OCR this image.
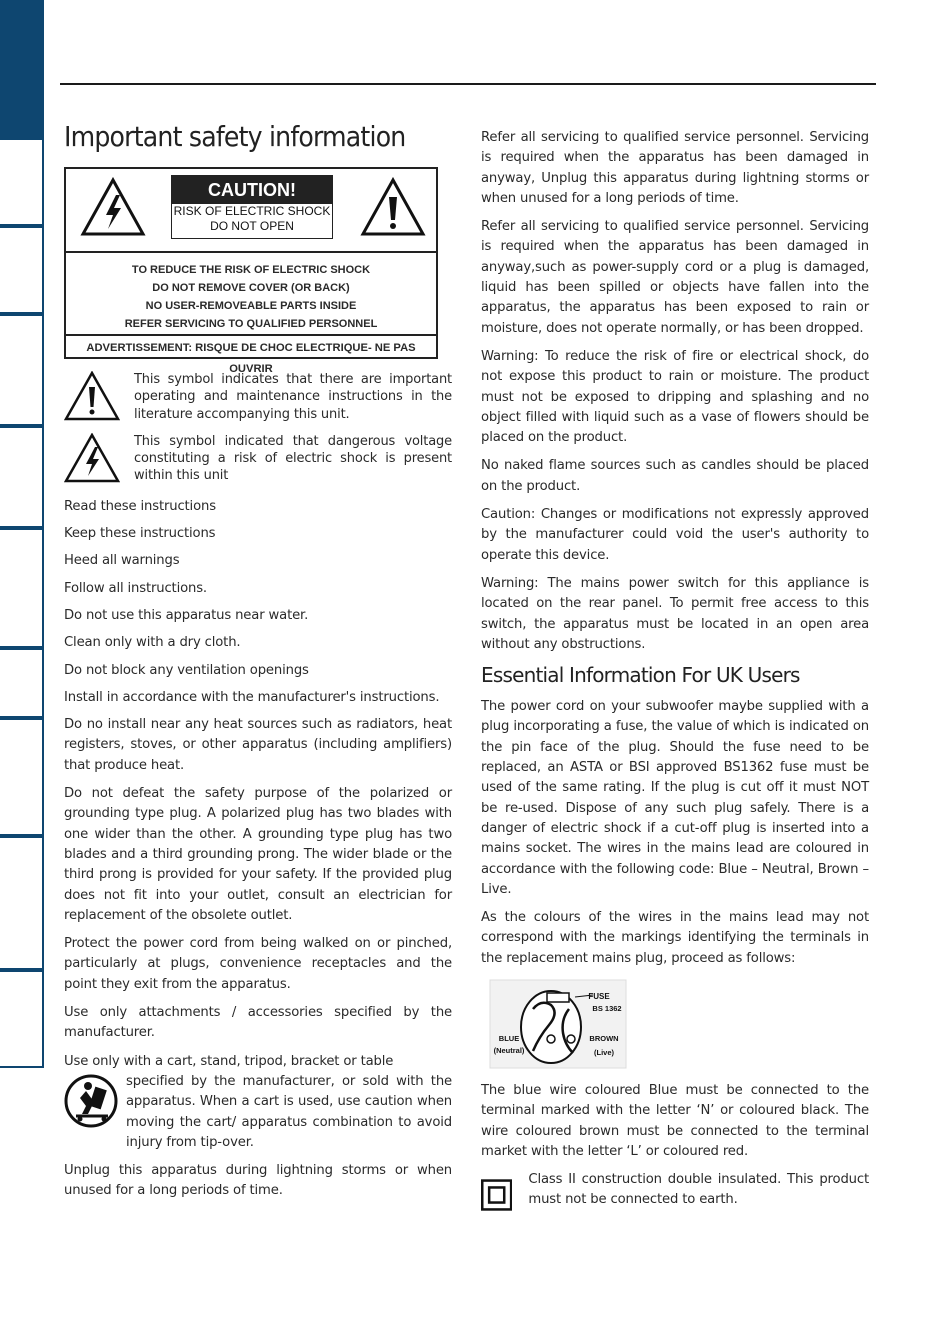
Important safety information
CAUTION!
RISK OF ELECTRIC SHOCK
DO NOT OPEN
TO REDUCE THE RISK OF ELECTRIC SHOCK
DO NOT REMOVE COVER (OR BACK)
NO USER-REMOVEABLE PARTS INSIDE
REFER SERVICING TO QUALIFIED PERSONNEL
ADVERTISSEMENT: RISQUE DE CHOC ELECTRIQUE- NE PAS OUVRIR

This symbol indicates that there are important operating and maintenance instructions in the literature accompanying this unit.

This symbol indicated that dangerous voltage constituting a risk of electric shock is present within this unit

Read these instructions

Keep these instructions

Heed all warnings

Follow all instructions.

Do not use this apparatus near water.

Clean only with a dry cloth.

Do not block any ventilation openings

Install in accordance with the manufacturer's instructions.

Do no install near any heat sources such as radiators, heat registers, stoves, or other apparatus (including amplifiers) that produce heat.

Do not defeat the safety purpose of the polarized or grounding type plug. A polarized plug has two blades with one wider than the other. A grounding type plug has two blades and a third grounding prong. The wider blade or the third prong is provided for your safety. If the provided plug does not fit into your outlet, consult an electrician for replacement of the obsolete outlet.

Protect the power cord from being walked on or pinched, particularly at plugs, convenience receptacles and the point they exit from the apparatus.

Use only attachments / accessories specified by the manufacturer.

Use only with a cart, stand, tripod, bracket or table
specified by the manufacturer, or sold with the apparatus. When a cart is used, use caution when moving the cart/ apparatus combination to avoid injury from tip-over.

Unplug this apparatus during lightning storms or when unused for a long periods of time.

Refer all servicing to qualified service personnel. Servicing is required when the apparatus has been damaged in anyway, Unplug this apparatus during lightning storms or when unused for a long periods of time.

Refer all servicing to qualified service personnel. Servicing is required when the apparatus has been damaged in anyway,such as power-supply cord or a plug is damaged, liquid has been spilled or objects have fallen into the apparatus, the apparatus has been exposed to rain or moisture, does not operate normally, or has been dropped.

Warning: To reduce the risk of fire or electrical shock, do not expose this product to rain or moisture. The product must not be exposed to dripping and splashing and no object filled with liquid such as a vase of flowers should be placed on the product.

No naked flame sources such as candles should be placed on the product.

Caution: Changes or modifications not expressly approved by the manufacturer could void the user's authority to operate this device.

Warning: The mains power switch for this appliance is located on the rear panel. To permit free access to this switch, the apparatus must be located in an open area without any obstructions.

Essential Information For UK Users

The power cord on your subwoofer maybe supplied with a plug incorporating a fuse, the value of which is indicated on the pin face of the plug. Should the fuse need to be replaced, an ASTA or BSI approved BS1362 fuse must be used of the same rating. If the plug is cut off it must NOT be re-used. Dispose of any such plug safely. There is a danger of electric shock if a cut-off plug is inserted into a mains socket. The wires in the mains lead are coloured in accordance with the following code: Blue – Neutral, Brown – Live.

As the colours of the wires in the mains lead may not correspond with the markings identifying the terminals in the replacement mains plug, proceed as follows:

FUSE
BS 1362
BLUE
(Neutral)
BROWN
(Live)

The blue wire coloured Blue must be connected to the terminal marked with the letter ‘N’ or coloured black. The wire coloured brown must be connected to the terminal market with the letter ‘L’ or coloured red.

Class II construction double insulated. This product must not be connected to earth.
